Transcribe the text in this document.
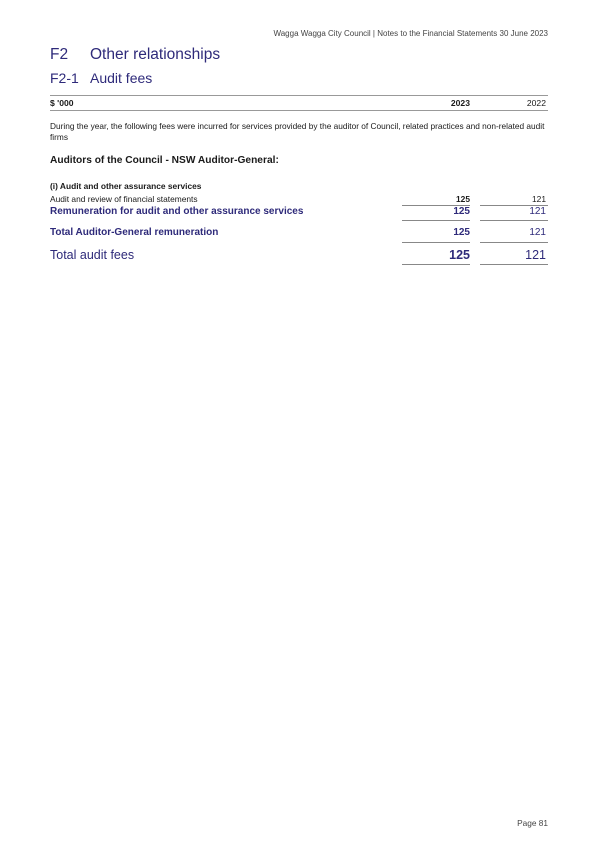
Wagga Wagga City Council | Notes to the Financial Statements 30 June 2023
F2 Other relationships
F2-1 Audit fees
$ '000	2023	2022
During the year, the following fees were incurred for services provided by the auditor of Council, related practices and non-related audit firms
Auditors of the Council - NSW Auditor-General:
(i) Audit and other assurance services
Audit and review of financial statements	125	121
Remuneration for audit and other assurance services	125	121
Total Auditor-General remuneration	125	121
Total audit fees	125	121
Page 81
